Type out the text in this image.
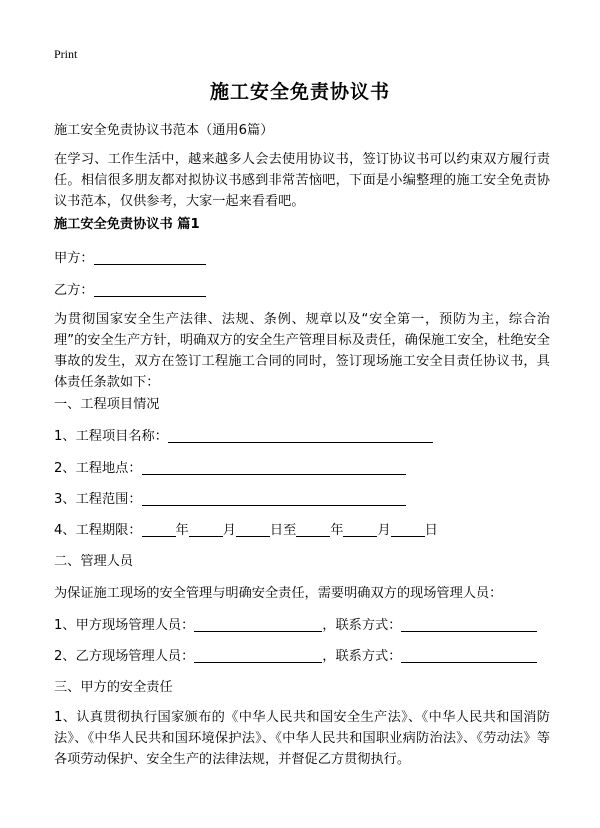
Print
施工安全免责协议书
施工安全免责协议书范本（通用6篇）
在学习、工作生活中，越来越多人会去使用协议书，签订协议书可以约束双方履行责任。相信很多朋友都对拟协议书感到非常苦恼吧，下面是小编整理的施工安全免责协议书范本，仅供参考，大家一起来看看吧。
施工安全免责协议书 篇1
甲方：
乙方：
为贯彻国家安全生产法律、法规、条例、规章以及“安全第一，预防为主，综合治理”的安全生产方针，明确双方的安全生产管理目标及责任，确保施工安全，杜绝安全事故的发生，双方在签订工程施工合同的同时，签订现场施工安全目责任协议书，具体责任条款如下：
一、工程项目情况
1、工程项目名称：
2、工程地点：
3、工程范围：
4、工程期限：	年	月	日至	年	月	日
二、管理人员
为保证施工现场的安全管理与明确安全责任，需要明确双方的现场管理人员：
1、甲方现场管理人员：	，联系方式：
2、乙方现场管理人员：	，联系方式：
三、甲方的安全责任
1、认真贯彻执行国家颁布的《中华人民共和国安全生产法》、《中华人民共和国消防法》、《中华人民共和国环境保护法》、《中华人民共和国职业病防治法》、《劳动法》等各项劳动保护、安全生产的法律法规，并督促乙方贯彻执行。
